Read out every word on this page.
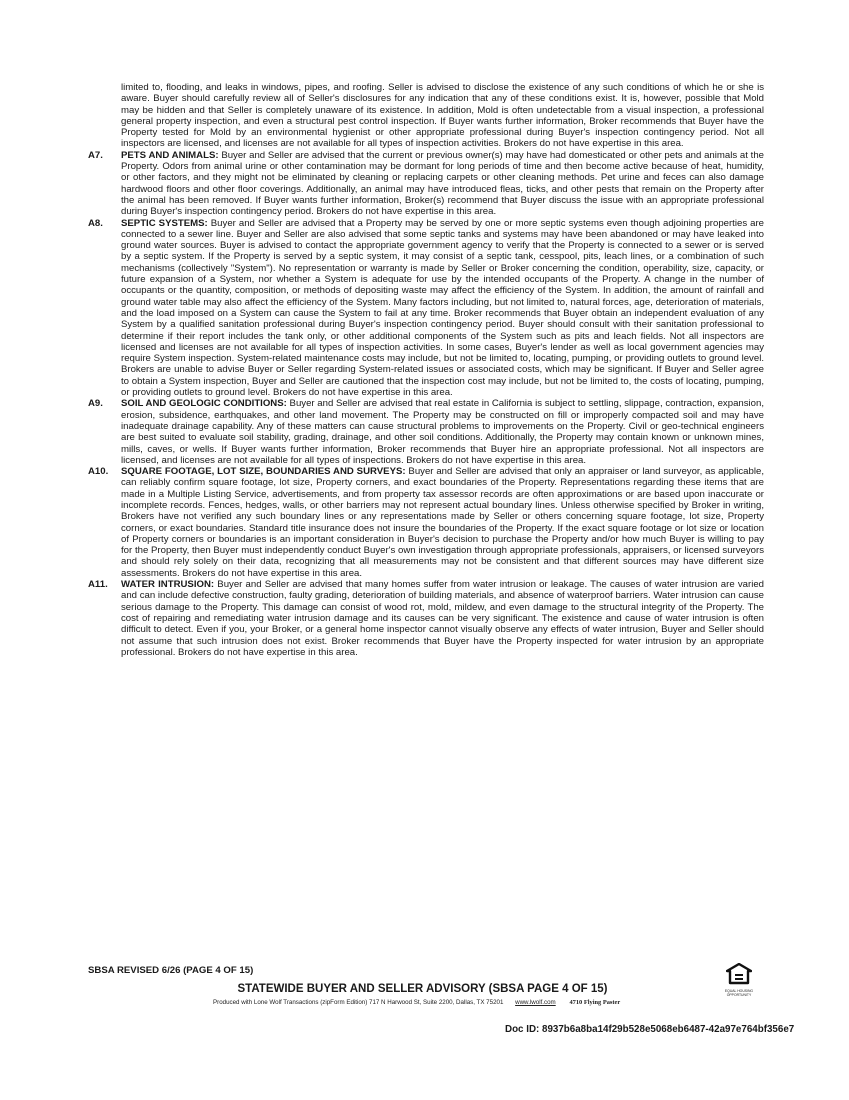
limited to, flooding, and leaks in windows, pipes, and roofing. Seller is advised to disclose the existence of any such conditions of which he or she is aware. Buyer should carefully review all of Seller's disclosures for any indication that any of these conditions exist. It is, however, possible that Mold may be hidden and that Seller is completely unaware of its existence. In addition, Mold is often undetectable from a visual inspection, a professional general property inspection, and even a structural pest control inspection. If Buyer wants further information, Broker recommends that Buyer have the Property tested for Mold by an environmental hygienist or other appropriate professional during Buyer's inspection contingency period. Not all inspectors are licensed, and licenses are not available for all types of inspection activities. Brokers do not have expertise in this area.
A7.	PETS AND ANIMALS: Buyer and Seller are advised that the current or previous owner(s) may have had domesticated or other pets and animals at the Property. Odors from animal urine or other contamination may be dormant for long periods of time and then become active because of heat, humidity, or other factors, and they might not be eliminated by cleaning or replacing carpets or other cleaning methods. Pet urine and feces can also damage hardwood floors and other floor coverings. Additionally, an animal may have introduced fleas, ticks, and other pests that remain on the Property after the animal has been removed. If Buyer wants further information, Broker(s) recommend that Buyer discuss the issue with an appropriate professional during Buyer's inspection contingency period. Brokers do not have expertise in this area.
A8.	SEPTIC SYSTEMS: Buyer and Seller are advised that a Property may be served by one or more septic systems even though adjoining properties are connected to a sewer line. Buyer and Seller are also advised that some septic tanks and systems may have been abandoned or may have leaked into ground water sources. Buyer is advised to contact the appropriate government agency to verify that the Property is connected to a sewer or is served by a septic system. If the Property is served by a septic system, it may consist of a septic tank, cesspool, pits, leach lines, or a combination of such mechanisms (collectively "System"). No representation or warranty is made by Seller or Broker concerning the condition, operability, size, capacity, or future expansion of a System, nor whether a System is adequate for use by the intended occupants of the Property. A change in the number of occupants or the quantity, composition, or methods of depositing waste may affect the efficiency of the System. In addition, the amount of rainfall and ground water table may also affect the efficiency of the System. Many factors including, but not limited to, natural forces, age, deterioration of materials, and the load imposed on a System can cause the System to fail at any time. Broker recommends that Buyer obtain an independent evaluation of any System by a qualified sanitation professional during Buyer's inspection contingency period. Buyer should consult with their sanitation professional to determine if their report includes the tank only, or other additional components of the System such as pits and leach fields. Not all inspectors are licensed and licenses are not available for all types of inspection activities. In some cases, Buyer's lender as well as local government agencies may require System inspection. System-related maintenance costs may include, but not be limited to, locating, pumping, or providing outlets to ground level. Brokers are unable to advise Buyer or Seller regarding System-related issues or associated costs, which may be significant. If Buyer and Seller agree to obtain a System inspection, Buyer and Seller are cautioned that the inspection cost may include, but not be limited to, the costs of locating, pumping, or providing outlets to ground level. Brokers do not have expertise in this area.
A9.	SOIL AND GEOLOGIC CONDITIONS: Buyer and Seller are advised that real estate in California is subject to settling, slippage, contraction, expansion, erosion, subsidence, earthquakes, and other land movement. The Property may be constructed on fill or improperly compacted soil and may have inadequate drainage capability. Any of these matters can cause structural problems to improvements on the Property. Civil or geo-technical engineers are best suited to evaluate soil stability, grading, drainage, and other soil conditions. Additionally, the Property may contain known or unknown mines, mills, caves, or wells. If Buyer wants further information, Broker recommends that Buyer hire an appropriate professional. Not all inspectors are licensed, and licenses are not available for all types of inspections. Brokers do not have expertise in this area.
A10.	SQUARE FOOTAGE, LOT SIZE, BOUNDARIES AND SURVEYS: Buyer and Seller are advised that only an appraiser or land surveyor, as applicable, can reliably confirm square footage, lot size, Property corners, and exact boundaries of the Property. Representations regarding these items that are made in a Multiple Listing Service, advertisements, and from property tax assessor records are often approximations or are based upon inaccurate or incomplete records. Fences, hedges, walls, or other barriers may not represent actual boundary lines. Unless otherwise specified by Broker in writing, Brokers have not verified any such boundary lines or any representations made by Seller or others concerning square footage, lot size, Property corners, or exact boundaries. Standard title insurance does not insure the boundaries of the Property. If the exact square footage or lot size or location of Property corners or boundaries is an important consideration in Buyer's decision to purchase the Property and/or how much Buyer is willing to pay for the Property, then Buyer must independently conduct Buyer's own investigation through appropriate professionals, appraisers, or licensed surveyors and should rely solely on their data, recognizing that all measurements may not be consistent and that different sources may have different size assessments. Brokers do not have expertise in this area.
A11.	WATER INTRUSION: Buyer and Seller are advised that many homes suffer from water intrusion or leakage. The causes of water intrusion are varied and can include defective construction, faulty grading, deterioration of building materials, and absence of waterproof barriers. Water intrusion can cause serious damage to the Property. This damage can consist of wood rot, mold, mildew, and even damage to the structural integrity of the Property. The cost of repairing and remediating water intrusion damage and its causes can be very significant. The existence and cause of water intrusion is often difficult to detect. Even if you, your Broker, or a general home inspector cannot visually observe any effects of water intrusion, Buyer and Seller should not assume that such intrusion does not exist. Broker recommends that Buyer have the Property inspected for water intrusion by an appropriate professional. Brokers do not have expertise in this area.
SBSA REVISED 6/26 (PAGE 4 OF 15)
EQUAL HOUSING OPPORTUNITY
STATEWIDE BUYER AND SELLER ADVISORY (SBSA PAGE 4 OF 15)
Produced with Lone Wolf Transactions (zipForm Edition) 717 N Harwood St, Suite 2200, Dallas, TX 75201 www.lwolf.com 4710 Flying Paster
Doc ID: 8937b6a8ba14f29b528e5068eb6487-42a97e764bf356e7
